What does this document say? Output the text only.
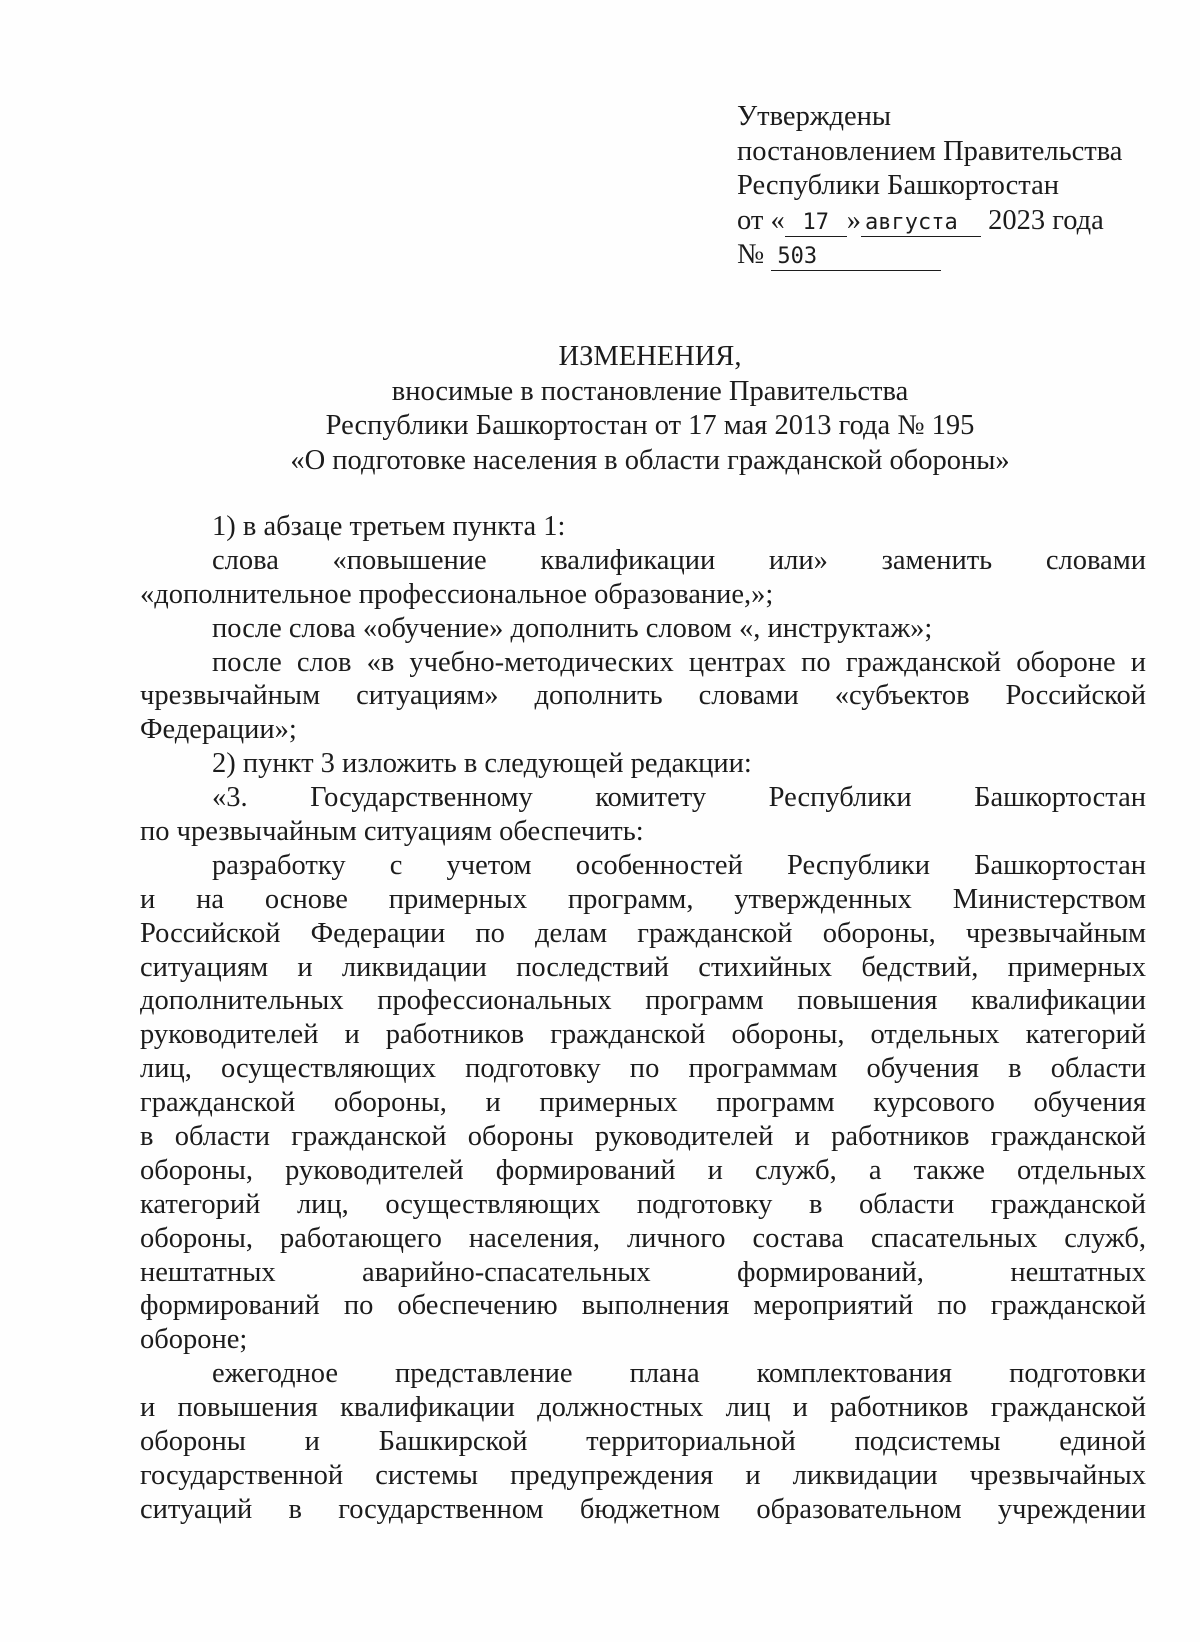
Утверждены
постановлением Правительства
Республики Башкортостан
от « 17 » августа 2023 года
№ 503
ИЗМЕНЕНИЯ,
вносимые в постановление Правительства
Республики Башкортостан от 17 мая 2013 года № 195
«О подготовке населения в области гражданской обороны»
1) в абзаце третьем пункта 1:
слова «повышение квалификации или» заменить словами
«дополнительное профессиональное образование,»;
после слова «обучение» дополнить словом «, инструктаж»;
после слов «в учебно-методических центрах по гражданской обороне и
чрезвычайным ситуациям» дополнить словами «субъектов Российской
Федерации»;
2) пункт 3 изложить в следующей редакции:
«3. Государственному комитету Республики Башкортостан
по чрезвычайным ситуациям обеспечить:
разработку с учетом особенностей Республики Башкортостан
и на основе примерных программ, утвержденных Министерством
Российской Федерации по делам гражданской обороны, чрезвычайным
ситуациям и ликвидации последствий стихийных бедствий, примерных
дополнительных профессиональных программ повышения квалификации
руководителей и работников гражданской обороны, отдельных категорий
лиц, осуществляющих подготовку по программам обучения в области
гражданской обороны, и примерных программ курсового обучения
в области гражданской обороны руководителей и работников гражданской
обороны, руководителей формирований и служб, а также отдельных
категорий лиц, осуществляющих подготовку в области гражданской
обороны, работающего населения, личного состава спасательных служб,
нештатных аварийно-спасательных формирований, нештатных
формирований по обеспечению выполнения мероприятий по гражданской
обороне;
ежегодное представление плана комплектования подготовки
и повышения квалификации должностных лиц и работников гражданской
обороны и Башкирской территориальной подсистемы единой
государственной системы предупреждения и ликвидации чрезвычайных
ситуаций в государственном бюджетном образовательном учреждении
